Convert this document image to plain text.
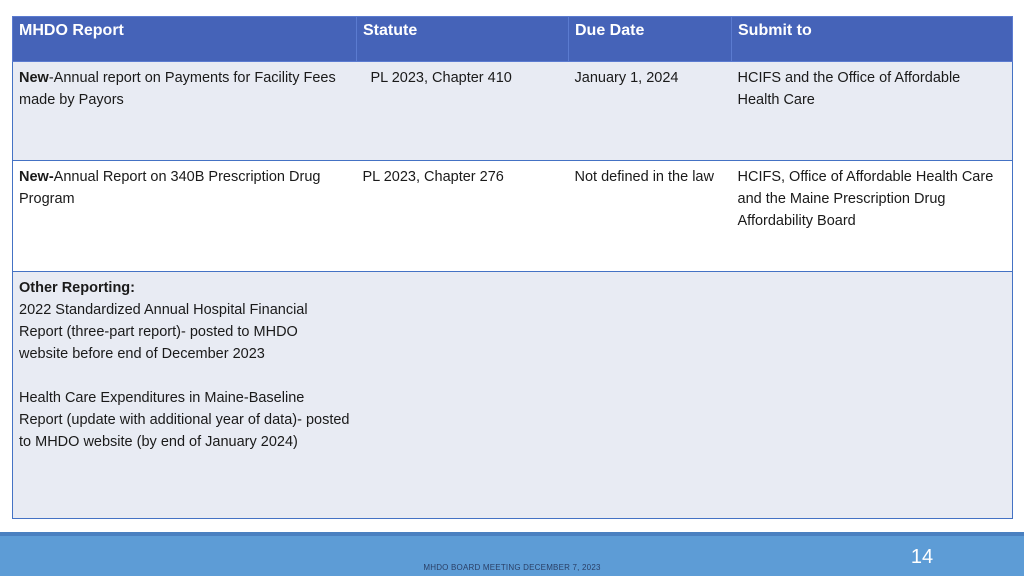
MHDO Report	Statute	Due Date	Submit to
New-Annual report on Payments for Facility Fees made by Payors	PL 2023, Chapter 410	January 1, 2024	HCIFS and the Office of Affordable Health Care
New-Annual Report on 340B Prescription Drug Program	PL 2023, Chapter 276	Not defined in the law	HCIFS, Office of Affordable Health Care and the Maine Prescription Drug Affordability Board

Other Reporting:
2022 Standardized Annual Hospital Financial Report (three-part report)- posted to MHDO website before end of December 2023
Health Care Expenditures in Maine-Baseline Report (update with additional year of data)- posted to MHDO website (by end of January 2024)			

MHDO BOARD MEETING DECEMBER 7, 2023	14
